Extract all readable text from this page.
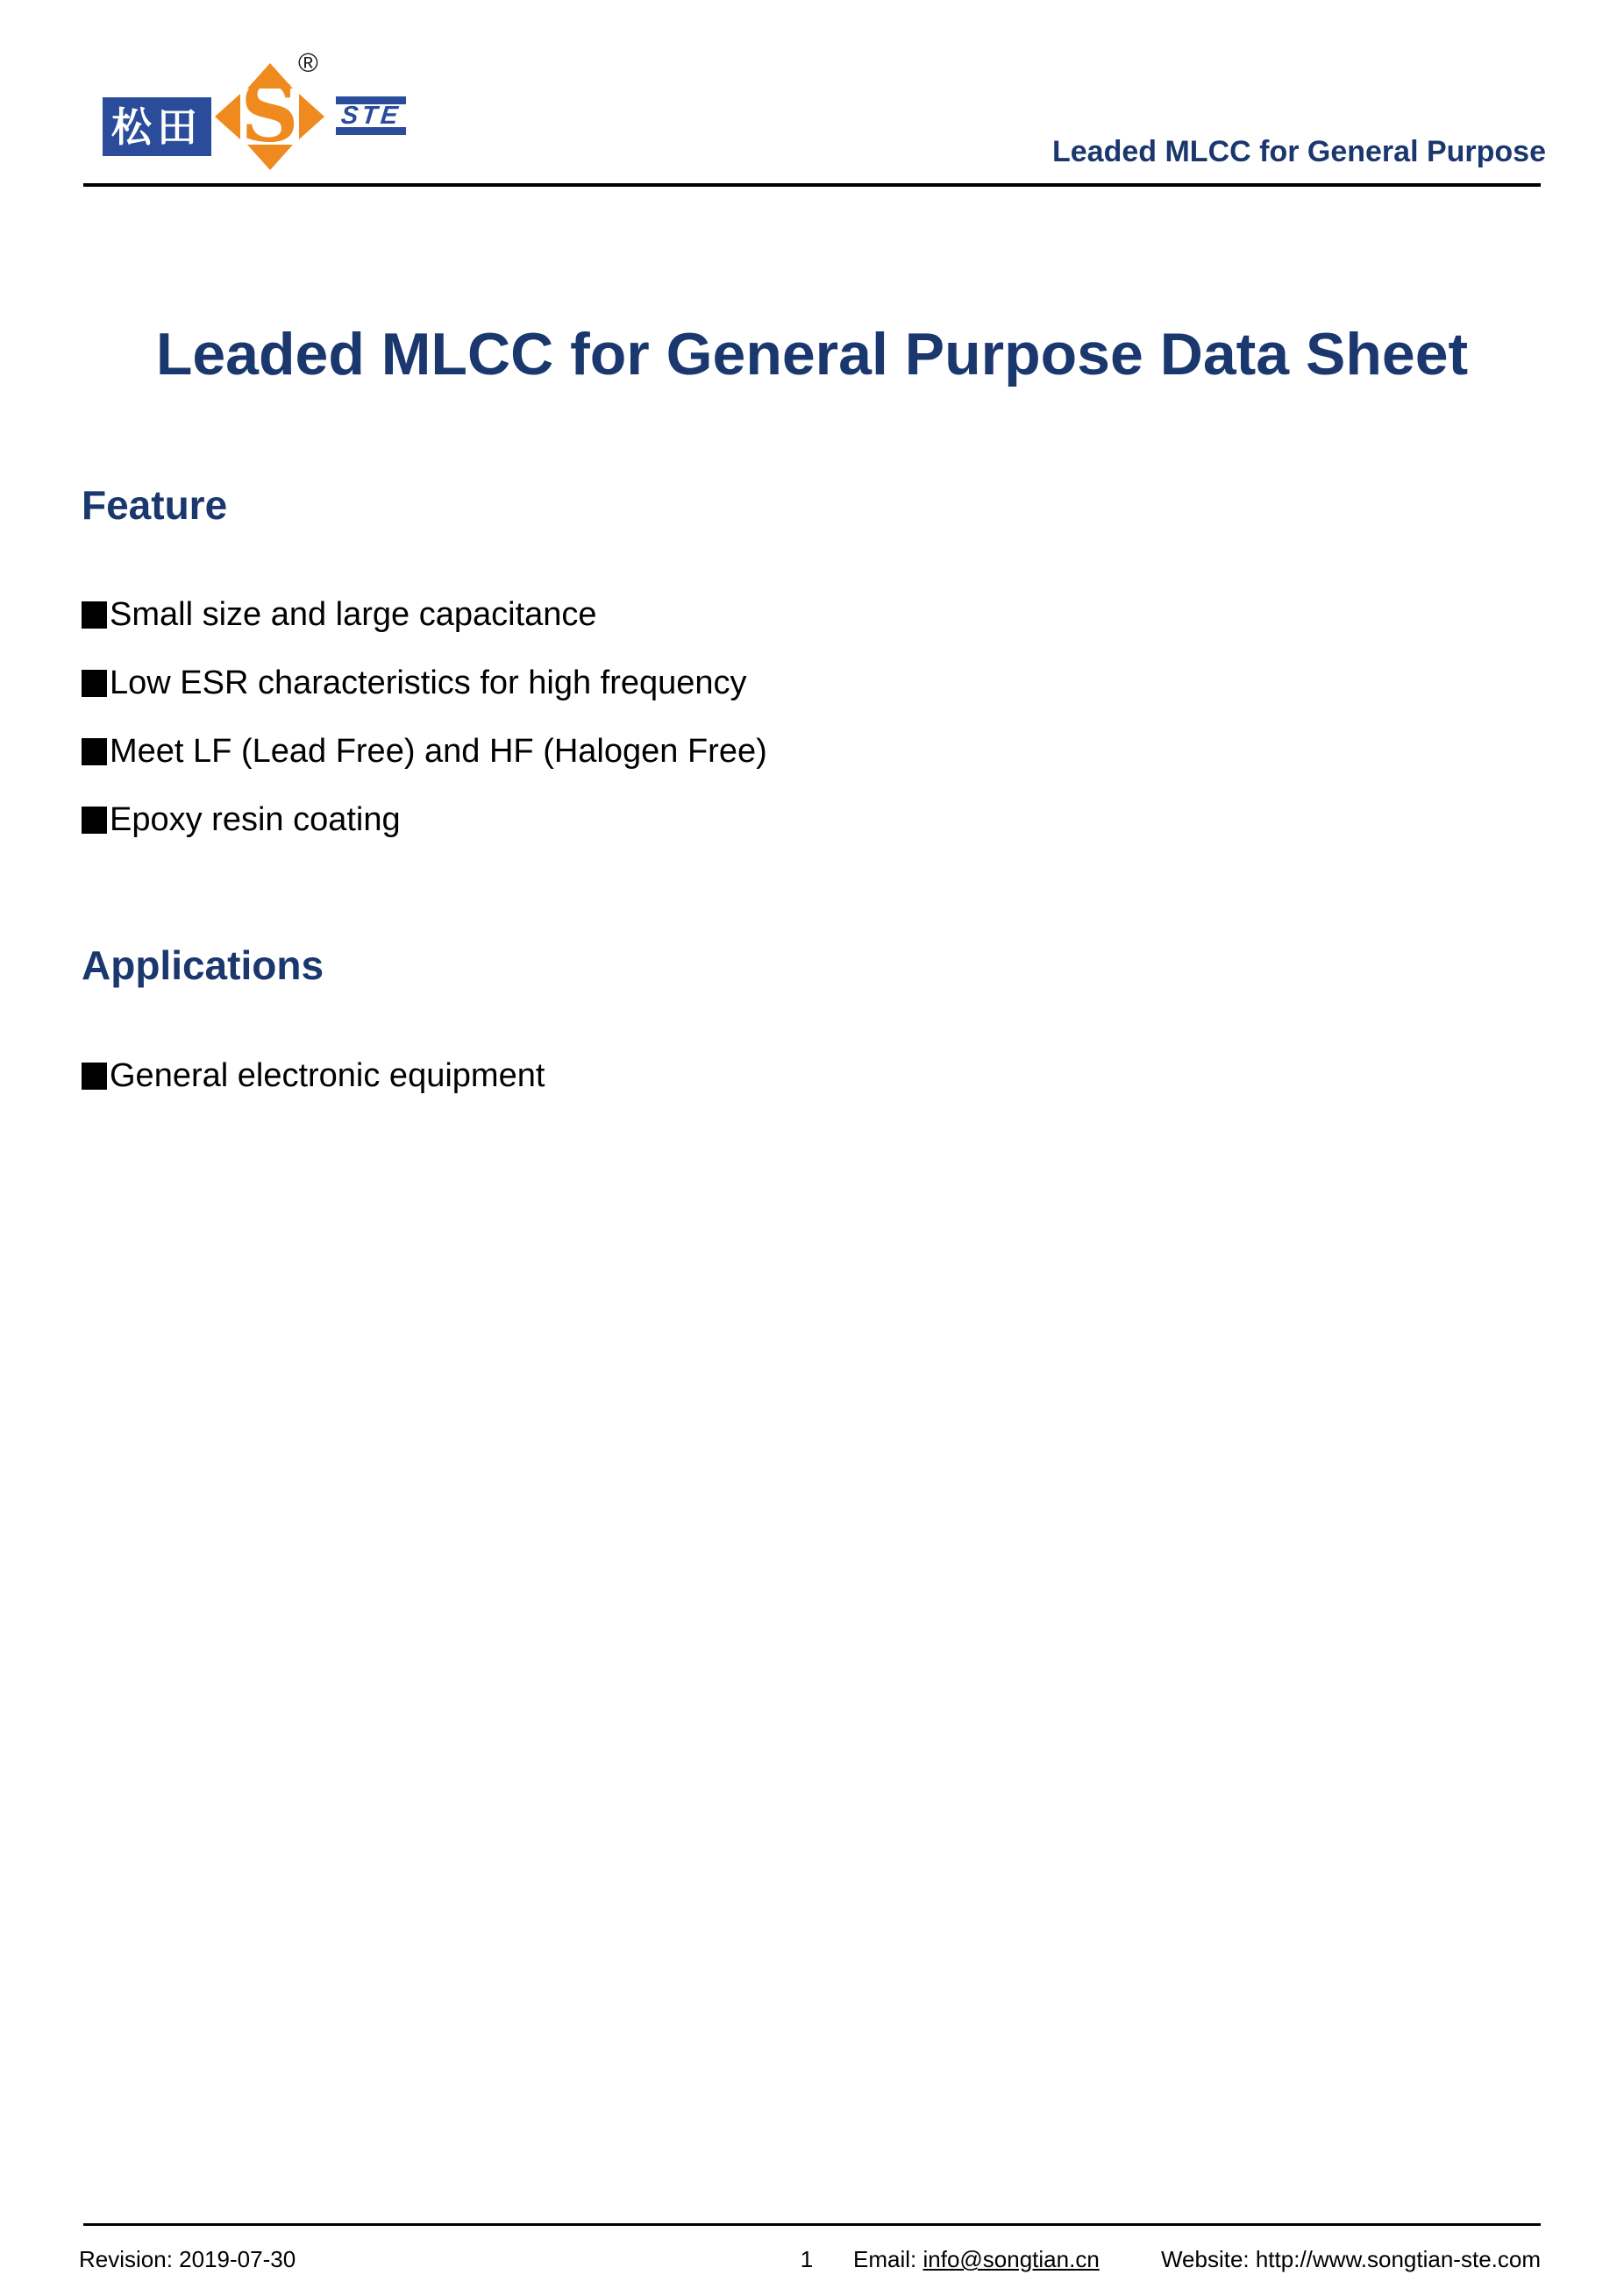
松田 S
®
STE
Leaded MLCC for General Purpose
Leaded MLCC for General Purpose Data Sheet
Feature
■ Small size and large capacitance
■ Low ESR characteristics for high frequency
■ Meet LF (Lead Free) and HF (Halogen Free)
■ Epoxy resin coating
Applications
■ General electronic equipment
Revision: 2019-07-30	1 Email: info@songtian.cn	Website: http://www.songtian-ste.com
